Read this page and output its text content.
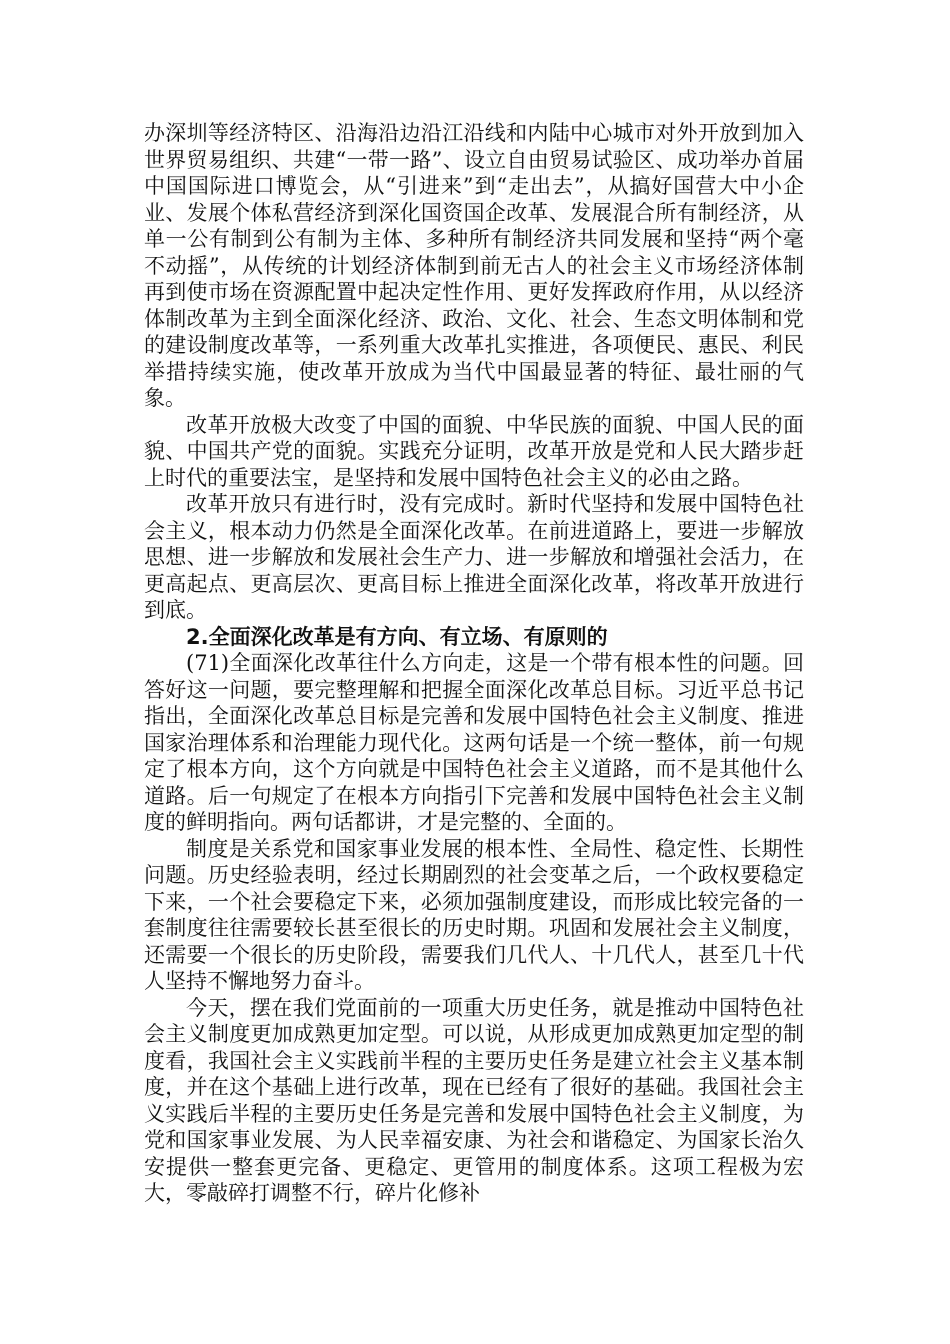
办深圳等经济特区、沿海沿边沿江沿线和内陆中心城市对外开放到加入世界贸易组织、共建“一带一路”、设立自由贸易试验区、成功举办首届中国国际进口博览会，从“引进来”到“走出去”，从搞好国营大中小企业、发展个体私营经济到深化国资国企改革、发展混合所有制经济，从单一公有制到公有制为主体、多种所有制经济共同发展和坚持“两个毫不动摇”，从传统的计划经济体制到前无古人的社会主义市场经济体制再到使市场在资源配置中起决定性作用、更好发挥政府作用，从以经济体制改革为主到全面深化经济、政治、文化、社会、生态文明体制和党的建设制度改革等，一系列重大改革扎实推进，各项便民、惠民、利民举措持续实施，使改革开放成为当代中国最显著的特征、最壮丽的气象。

改革开放极大改变了中国的面貌、中华民族的面貌、中国人民的面貌、中国共产党的面貌。实践充分证明，改革开放是党和人民大踏步赶上时代的重要法宝，是坚持和发展中国特色社会主义的必由之路。

改革开放只有进行时，没有完成时。新时代坚持和发展中国特色社会主义，根本动力仍然是全面深化改革。在前进道路上，要进一步解放思想、进一步解放和发展社会生产力、进一步解放和增强社会活力，在更高起点、更高层次、更高目标上推进全面深化改革，将改革开放进行到底。

2.全面深化改革是有方向、有立场、有原则的

(71)全面深化改革往什么方向走，这是一个带有根本性的问题。回答好这一问题，要完整理解和把握全面深化改革总目标。习近平总书记指出，全面深化改革总目标是完善和发展中国特色社会主义制度、推进国家治理体系和治理能力现代化。这两句话是一个统一整体，前一句规定了根本方向，这个方向就是中国特色社会主义道路，而不是其他什么道路。后一句规定了在根本方向指引下完善和发展中国特色社会主义制度的鲜明指向。两句话都讲，才是完整的、全面的。

制度是关系党和国家事业发展的根本性、全局性、稳定性、长期性问题。历史经验表明，经过长期剧烈的社会变革之后，一个政权要稳定下来，一个社会要稳定下来，必须加强制度建设，而形成比较完备的一套制度往往需要较长甚至很长的历史时期。巩固和发展社会主义制度，还需要一个很长的历史阶段，需要我们几代人、十几代人，甚至几十代人坚持不懈地努力奋斗。

今天，摆在我们党面前的一项重大历史任务，就是推动中国特色社会主义制度更加成熟更加定型。可以说，从形成更加成熟更加定型的制度看，我国社会主义实践前半程的主要历史任务是建立社会主义基本制度，并在这个基础上进行改革，现在已经有了很好的基础。我国社会主义实践后半程的主要历史任务是完善和发展中国特色社会主义制度，为党和国家事业发展、为人民幸福安康、为社会和谐稳定、为国家长治久安提供一整套更完备、更稳定、更管用的制度体系。这项工程极为宏大，零敲碎打调整不行，碎片化修补
